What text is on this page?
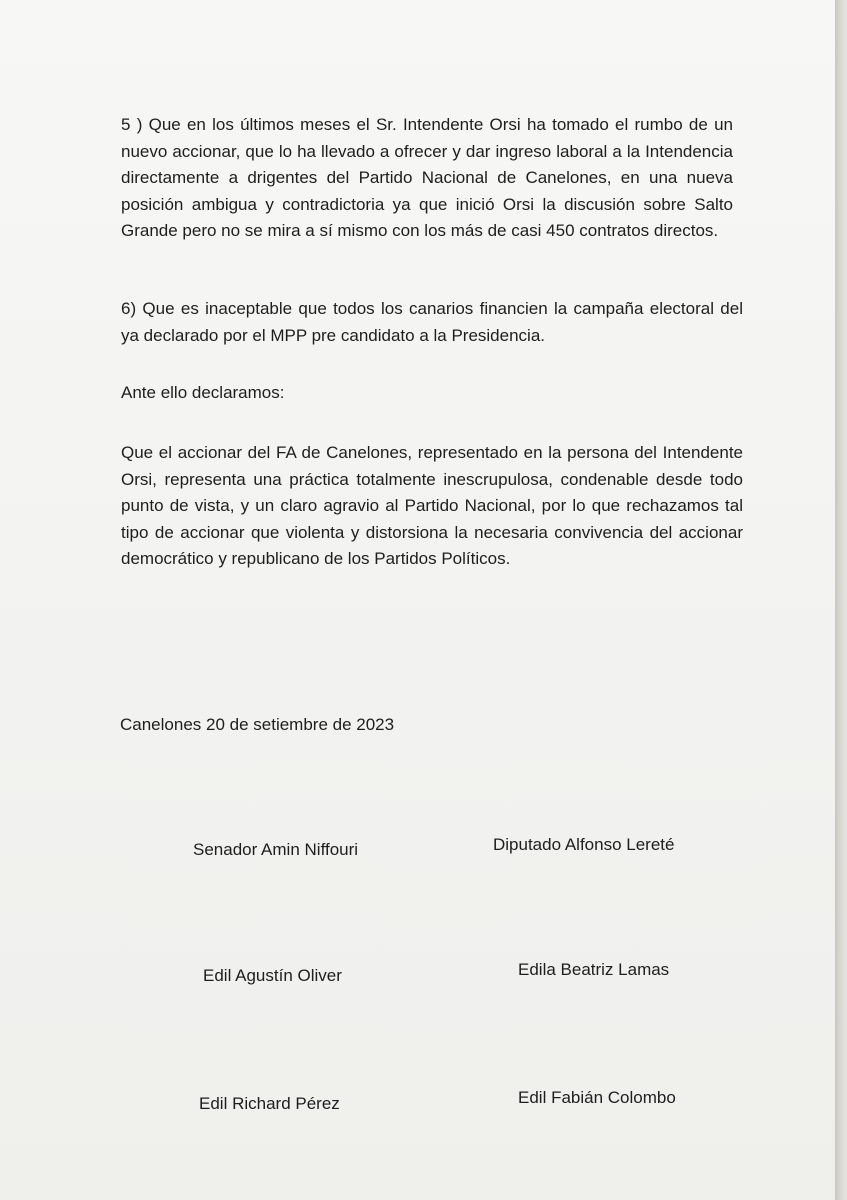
5 ) Que en los últimos meses el Sr. Intendente Orsi ha tomado el rumbo de un
nuevo accionar, que lo ha llevado a ofrecer y dar ingreso laboral a la Intendencia
directamente a drigentes del Partido Nacional de Canelones, en una nueva
posición ambigua y contradictoria ya que inició Orsi la discusión sobre Salto
Grande pero no se mira a sí mismo con los más de casi 450 contratos directos.
6) Que es inaceptable que todos los canarios financien la campaña electoral del
ya declarado por el MPP pre candidato a la Presidencia.
Ante ello declaramos:
Que el accionar del FA de Canelones, representado en la persona del Intendente
Orsi, representa una práctica totalmente inescrupulosa, condenable desde todo
punto de vista, y un claro agravio al Partido Nacional, por lo que rechazamos tal
tipo de accionar que violenta y distorsiona la necesaria convivencia del accionar
democrático y republicano de los Partidos Políticos.
Canelones 20 de setiembre de 2023
Senador Amin Niffouri	Diputado Alfonso Lereté
Edil Agustín Oliver	Edila Beatriz Lamas
Edil Richard Pérez	Edil Fabián Colombo
